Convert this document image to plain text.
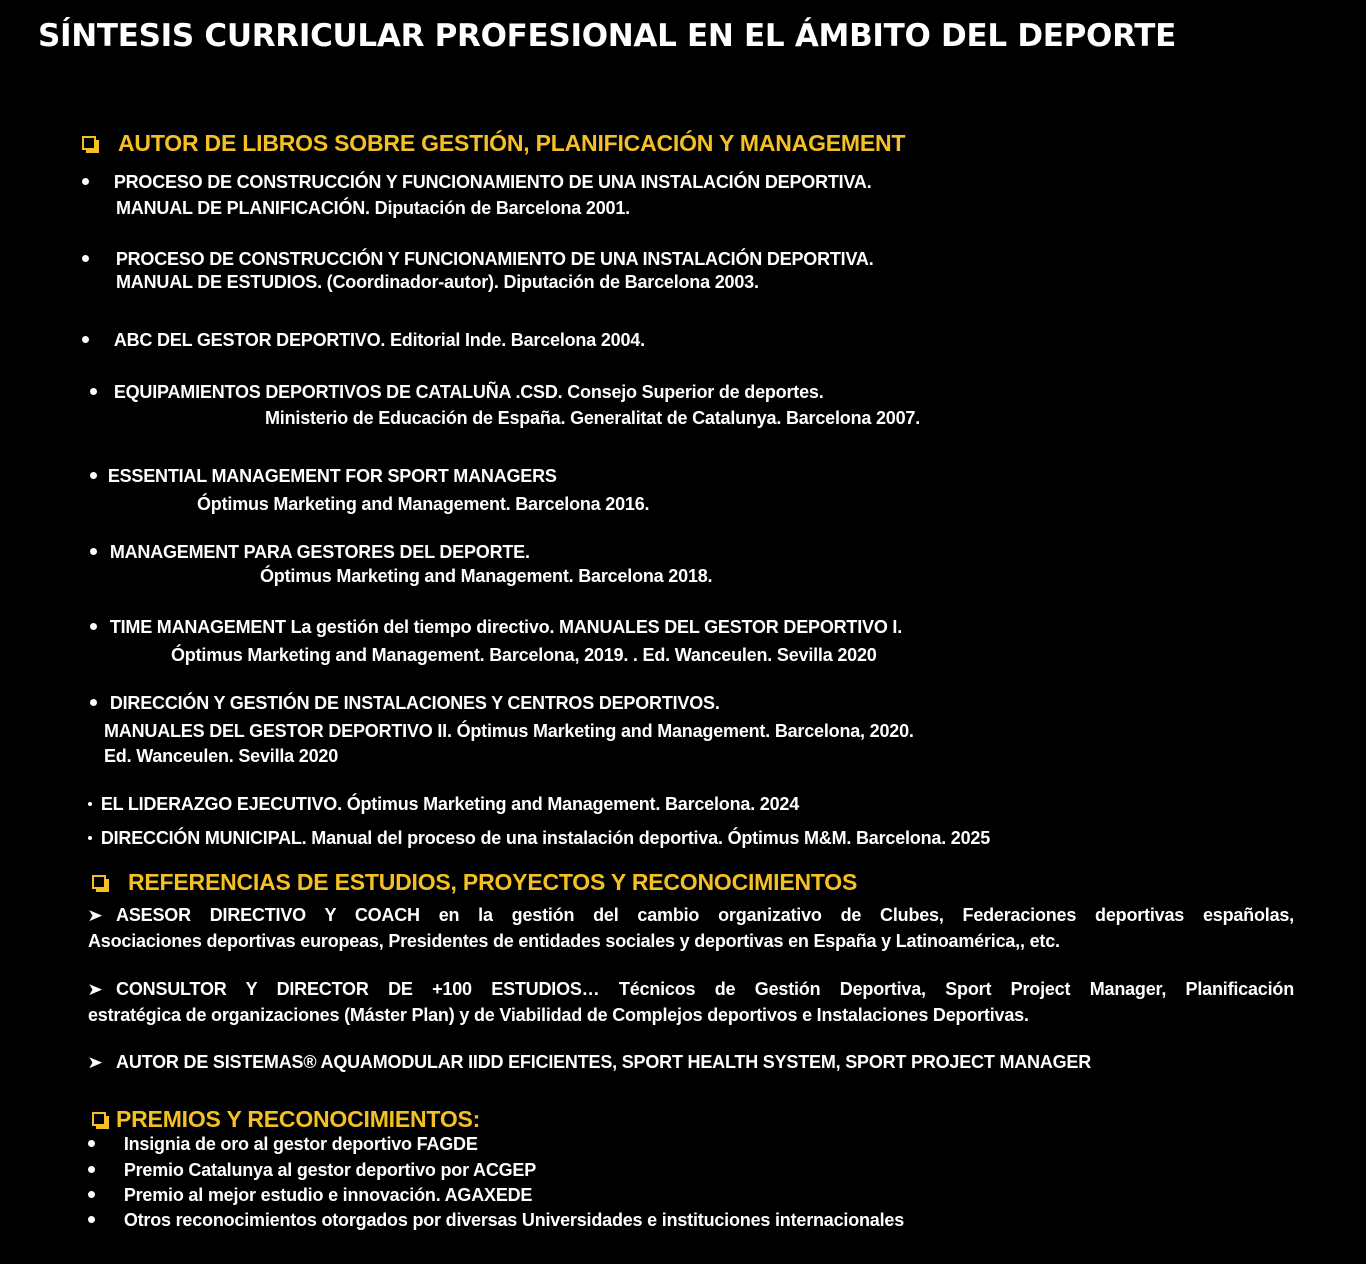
SÍNTESIS CURRICULAR PROFESIONAL EN EL ÁMBITO DEL DEPORTE
AUTOR DE LIBROS SOBRE GESTIÓN, PLANIFICACIÓN Y MANAGEMENT
PROCESO DE CONSTRUCCIÓN Y FUNCIONAMIENTO DE UNA INSTALACIÓN DEPORTIVA.
MANUAL DE PLANIFICACIÓN. Diputación de Barcelona 2001.
PROCESO DE CONSTRUCCIÓN Y FUNCIONAMIENTO DE UNA INSTALACIÓN DEPORTIVA.
MANUAL DE ESTUDIOS. (Coordinador-autor). Diputación de Barcelona 2003.
ABC DEL GESTOR DEPORTIVO. Editorial Inde. Barcelona 2004.
EQUIPAMIENTOS DEPORTIVOS DE CATALUÑA .CSD. Consejo Superior de deportes.
Ministerio de Educación de España. Generalitat de Catalunya. Barcelona 2007.
ESSENTIAL MANAGEMENT FOR SPORT MANAGERS
Óptimus Marketing and Management. Barcelona 2016.
MANAGEMENT PARA GESTORES DEL DEPORTE.
Óptimus Marketing and Management. Barcelona 2018.
TIME MANAGEMENT La gestión del tiempo directivo. MANUALES DEL GESTOR DEPORTIVO I.
Óptimus Marketing and Management. Barcelona, 2019. . Ed. Wanceulen. Sevilla 2020
DIRECCIÓN Y GESTIÓN DE INSTALACIONES Y CENTROS DEPORTIVOS.
MANUALES DEL GESTOR DEPORTIVO II. Óptimus Marketing and Management. Barcelona, 2020.
Ed. Wanceulen. Sevilla 2020
EL LIDERAZGO EJECUTIVO. Óptimus Marketing and Management. Barcelona. 2024
DIRECCIÓN MUNICIPAL. Manual del proceso de una instalación deportiva. Óptimus M&M. Barcelona. 2025
REFERENCIAS DE ESTUDIOS, PROYECTOS Y RECONOCIMIENTOS
➤ ASESOR DIRECTIVO Y COACH en la gestión del cambio organizativo de Clubes, Federaciones deportivas españolas,
Asociaciones deportivas europeas, Presidentes de entidades sociales y deportivas en España y Latinoamérica,, etc.
➤ CONSULTOR Y DIRECTOR DE +100 ESTUDIOS… Técnicos de Gestión Deportiva, Sport Project Manager, Planificación
estratégica de organizaciones (Máster Plan) y de Viabilidad de Complejos deportivos e Instalaciones Deportivas.
➤ AUTOR DE SISTEMAS® AQUAMODULAR IIDD EFICIENTES, SPORT HEALTH SYSTEM, SPORT PROJECT MANAGER
PREMIOS Y RECONOCIMIENTOS:
Insignia de oro al gestor deportivo FAGDE
Premio Catalunya al gestor deportivo por ACGEP
Premio al mejor estudio e innovación. AGAXEDE
Otros reconocimientos otorgados por diversas Universidades e instituciones internacionales
